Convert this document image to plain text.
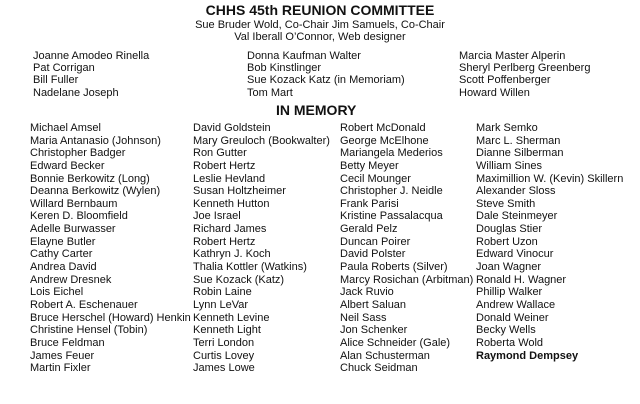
CHHS 45th REUNION COMMITTEE
Sue Bruder Wold, Co-Chair Jim Samuels, Co-Chair
Val Iberall O’Connor, Web designer
Joanne Amodeo Rinella
Pat Corrigan
Bill Fuller
Nadelane Joseph
Donna Kaufman Walter
Bob Kinstlinger
Sue Kozack Katz (in Memoriam)
Tom Mart
Marcia Master Alperin
Sheryl Perlberg Greenberg
Scott Poffenberger
Howard Willen
IN MEMORY
Michael Amsel
Maria Antanasio (Johnson)
Christopher Badger
Edward Becker
Bonnie Berkowitz (Long)
Deanna Berkowitz (Wylen)
Willard Bernbaum
Keren D. Bloomfield
Adelle Burwasser
Elayne Butler
Cathy Carter
Andrea David
Andrew Dresnek
Lois Eichel
Robert A. Eschenauer
Bruce Herschel (Howard) Henkin
Christine Hensel (Tobin)
Bruce Feldman
James Feuer
Martin Fixler
David Goldstein
Mary Greuloch (Bookwalter)
Ron Gutter
Robert Hertz
Leslie Hevland
Susan Holtzheimer
Kenneth Hutton
Joe Israel
Richard James
Robert Hertz
Kathryn J. Koch
Thalia Kottler (Watkins)
Sue Kozack (Katz)
Robin Laine
Lynn LeVar
Kenneth Levine
Kenneth Light
Terri London
Curtis Lovey
James Lowe
Robert McDonald
George McElhone
Mariangela Mederios
Betty Meyer
Cecil Mounger
Christopher J. Neidle
Frank Parisi
Kristine Passalacqua
Gerald Pelz
Duncan Poirer
David Polster
Paula Roberts (Silver)
Marcy Rosichan (Arbitman)
Jack Ruvio
Albert Saluan
Neil Sass
Jon Schenker
Alice Schneider (Gale)
Alan Schusterman
Chuck Seidman
Mark Semko
Marc L. Sherman
Dianne Silberman
William Sines
Maximillion W. (Kevin) Skillern
Alexander Sloss
Steve Smith
Dale Steinmeyer
Douglas Stier
Robert Uzon
Edward Vinocur
Joan Wagner
Ronald H. Wagner
Phillip Walker
Andrew Wallace
Donald Weiner
Becky Wells
Roberta Wold
Raymond Dempsey
